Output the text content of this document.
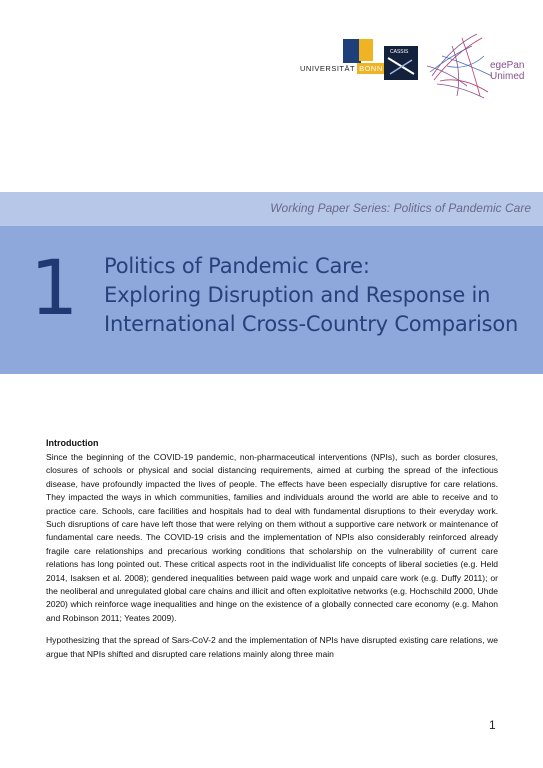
UNIVERSITÄT BONN
CASSIS
egePan
Unimed
Working Paper Series: Politics of Pandemic Care
1 Politics of Pandemic Care:
Exploring Disruption and Response in
International Cross-Country Comparison
Introduction

Since the beginning of the COVID-19 pandemic, non-pharmaceutical interventions (NPIs), such as border closures, closures of schools or physical and social distancing requirements, aimed at curbing the spread of the infectious disease, have profoundly impacted the lives of people. The effects have been especially disruptive for care relations. They impacted the ways in which communities, families and individuals around the world are able to receive and to practice care. Schools, care facilities and hospitals had to deal with fundamental disruptions to their everyday work. Such disruptions of care have left those that were relying on them without a supportive care network or maintenance of fundamental care needs. The COVID-19 crisis and the implementation of NPIs also considerably reinforced already fragile care relationships and precarious working conditions that scholarship on the vulnerability of current care relations has long pointed out. These critical aspects root in the individualist life concepts of liberal societies (e.g. Held 2014, Isaksen et al. 2008); gendered inequalities between paid wage work and unpaid care work (e.g. Duffy 2011); or the neoliberal and unregulated global care chains and illicit and often exploitative networks (e.g. Hochschild 2000, Uhde 2020) which reinforce wage inequalities and hinge on the existence of a globally connected care economy (e.g. Mahon and Robinson 2011; Yeates 2009).

Hypothesizing that the spread of Sars-CoV-2 and the implementation of NPIs have disrupted existing care relations, we argue that NPIs shifted and disrupted care relations mainly along three main

1
